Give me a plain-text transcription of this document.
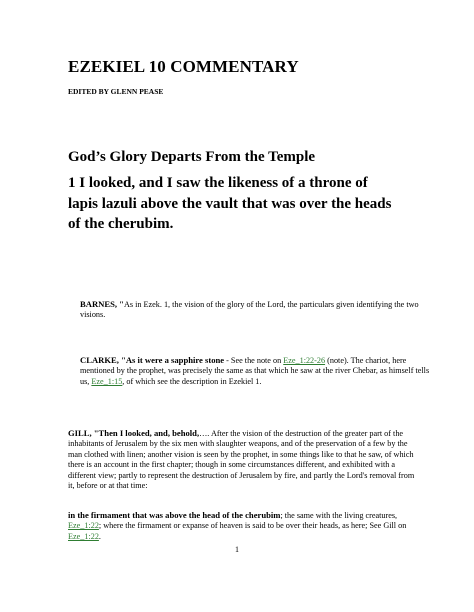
EZEKIEL 10 COMMENTARY
EDITED BY GLENN PEASE
God’s Glory Departs From the Temple
1 I looked, and I saw the likeness of a throne of lapis lazuli above the vault that was over the heads of the cherubim.
BARNES, "As in Ezek. 1, the vision of the glory of the Lord, the particulars given identifying the two visions.
CLARKE, "As it were a sapphire stone - See the note on Eze_1:22-26 (note). The chariot, here mentioned by the prophet, was precisely the same as that which he saw at the river Chebar, as himself tells us, Eze_1:15, of which see the description in Ezekiel 1.
GILL, "Then I looked, and, behold,…. After the vision of the destruction of the greater part of the inhabitants of Jerusalem by the six men with slaughter weapons, and of the preservation of a few by the man clothed with linen; another vision is seen by the prophet, in some things like to that he saw, of which there is an account in the first chapter; though in some circumstances different, and exhibited with a different view; partly to represent the destruction of Jerusalem by fire, and partly the Lord's removal from it, before or at that time:
in the firmament that was above the head of the cherubim; the same with the living creatures, Eze_1:22; where the firmament or expanse of heaven is said to be over their heads, as here; See Gill on Eze_1:22.
1
